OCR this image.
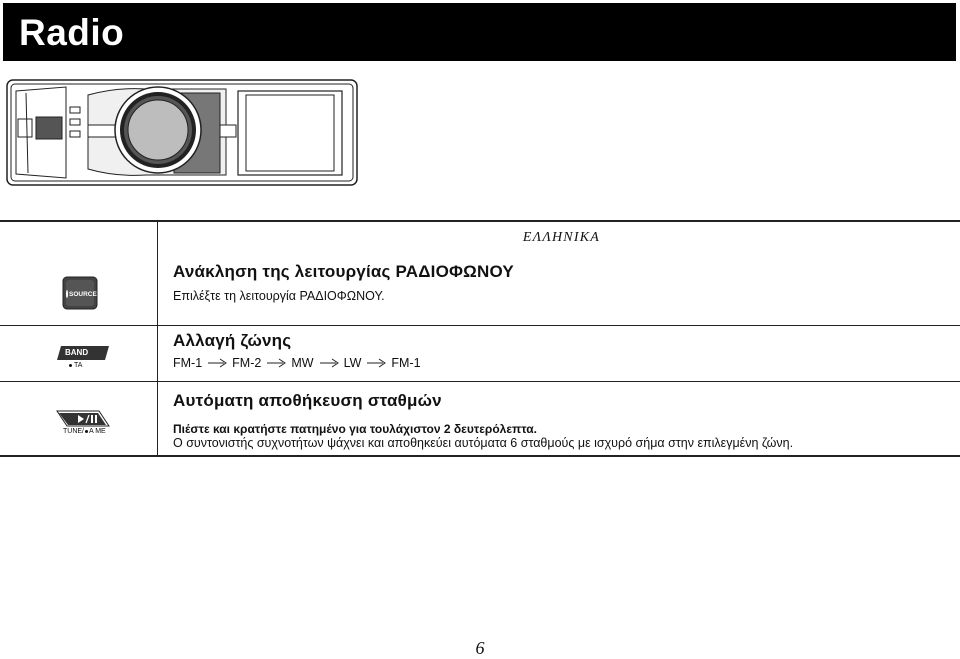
Radio
ΕΛΛΗΝΙΚΑ
SOURCE
BAND
TA
TUNE/ A ME
Ανάκληση της λειτουργίας ΡΑΔΙΟΦΩΝΟΥ
Επιλέξτε τη λειτουργία ΡΑΔΙΟΦΩΝΟΥ.
Αλλαγή ζώνης
FM-1 FM-2 MW LW FM-1
Αυτόματη αποθήκευση σταθμών
Πιέστε και κρατήστε πατημένο για τουλάχιστον 2 δευτερόλεπτα.
Ο συντονιστής συχνοτήτων ψάχνει και αποθηκεύει αυτόματα 6 σταθμούς με ισχυρό σήμα στην επιλεγμένη ζώνη.
6
